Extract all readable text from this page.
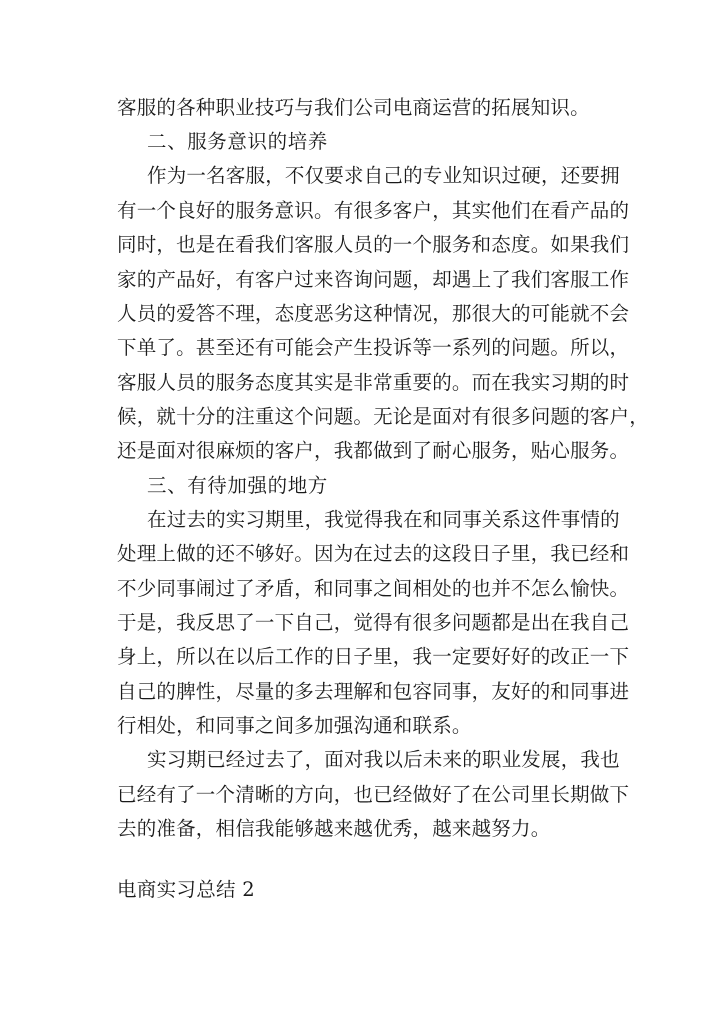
客服的各种职业技巧与我们公司电商运营的拓展知识。
二、服务意识的培养
作为一名客服，不仅要求自己的专业知识过硬，还要拥
有一个良好的服务意识。有很多客户，其实他们在看产品的
同时，也是在看我们客服人员的一个服务和态度。如果我们
家的产品好，有客户过来咨询问题，却遇上了我们客服工作
人员的爱答不理，态度恶劣这种情况，那很大的可能就不会
下单了。甚至还有可能会产生投诉等一系列的问题。所以，
客服人员的服务态度其实是非常重要的。而在我实习期的时
候，就十分的注重这个问题。无论是面对有很多问题的客户，
还是面对很麻烦的客户，我都做到了耐心服务，贴心服务。
三、有待加强的地方
在过去的实习期里，我觉得我在和同事关系这件事情的
处理上做的还不够好。因为在过去的这段日子里，我已经和
不少同事闹过了矛盾，和同事之间相处的也并不怎么愉快。
于是，我反思了一下自己，觉得有很多问题都是出在我自己
身上，所以在以后工作的日子里，我一定要好好的改正一下
自己的脾性，尽量的多去理解和包容同事，友好的和同事进
行相处，和同事之间多加强沟通和联系。
实习期已经过去了，面对我以后未来的职业发展，我也
已经有了一个清晰的方向，也已经做好了在公司里长期做下
去的准备，相信我能够越来越优秀，越来越努力。
电商实习总结 2
